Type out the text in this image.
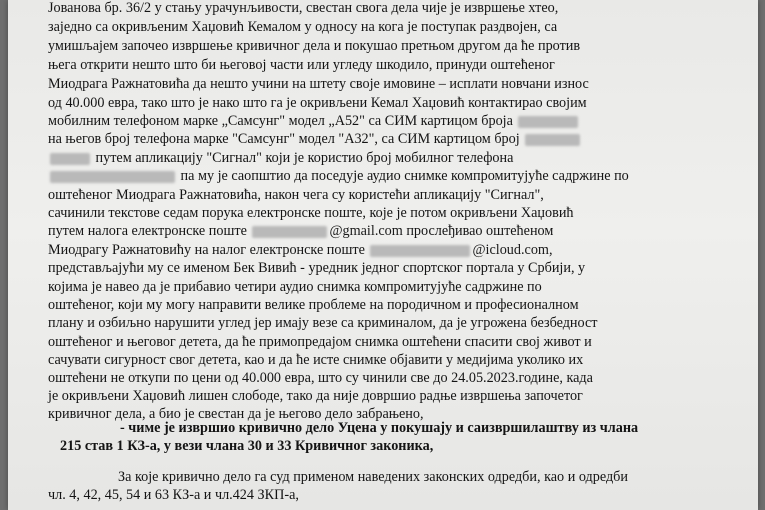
Јованова бр. 36/2 у стању урачунљивости, свестан свога дела чије је извршење хтео,
заједно са окривљеним Хаџовић Кемалом у односу на кога је поступак раздвојен, са
умишљајем започео извршење кривичног дела и покушао претњом другом да ће против
њега открити нешто што би његовој части или угледу шкодило, принуди оштећеног
Миодрага Ражнатовића да нешто учини на штету своје имовине – исплати новчани износ
од 40.000 евра, тако што је нако што га је окривљени Кемал Хаџовић контактирао својим
мобилним телефоном марке „Самсунг" модел „А52" са СИМ картицом броја
на његов број телефона марке "Самсунг" модел "А32", са СИМ картицом број
путем апликацију "Сигнал" који је користио број мобилног телефона
па му је саопштио да поседује аудио снимке компромитујуће садржине по
оштећеног Миодрага Ражнатовића, након чега су користећи апликацију "Сигнал",
сачинили текстове седам порука електронске поште, које је потом окривљени Хаџовић
путем налога електронске поште	@gmail.com прослеђивао оштећеном
Миодрагу Ражнатовићу на налог електронске поште	@icloud.com,
представљајући му се именом Бек Вивић - уредник једног спортског портала у Србији, у
којима је навео да је прибавио четири аудио снимка компромитујуће садржине по
оштећеног, који му могу направити велике проблеме на породичном и професионалном
плану и озбиљно нарушити углед јер имају везе са криминалом, да је угрожена безбедност
оштећеног и његовог детета, да ће примопредајом снимка оштећени спасити свој живот и
сачувати сигурност свог детета, као и да ће исте снимке објавити у медијима уколико их
оштећени не откупи по цени од 40.000 евра, што су чинили све до 24.05.2023.године, када
је окривљени Хаџовић лишен слободе, тако да није довршио радње извршења започетог
кривичног дела, а био је свестан да је његово дело забрањено,
- чиме је извршио кривично дело Уцена у покушају и саизвршилаштву из члана
215 став 1 КЗ-а, у вези члана 30 и 33 Кривичног законика,
За које кривично дело га суд применом наведених законских одредби, као и одредби
чл. 4, 42, 45, 54 и 63 КЗ-а и чл.424 ЗКП-а,
